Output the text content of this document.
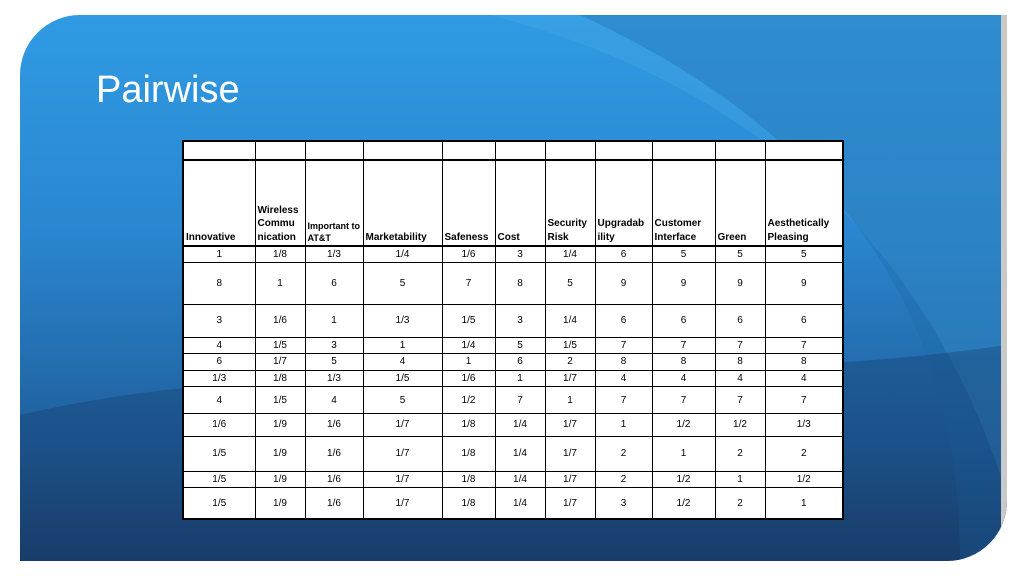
Pairwise

Innovative	Wireless Commu nication	Important to AT&T	Marketability	Safeness	Cost	Security Risk	Upgradab ility	Customer Interface	Green	Aesthetically Pleasing
1	1/8	1/3	1/4	1/6	3	1/4	6	5	5	5
8	1	6	5	7	8	5	9	9	9	9
3	1/6	1	1/3	1/5	3	1/4	6	6	6	6
4	1/5	3	1	1/4	5	1/5	7	7	7	7
6	1/7	5	4	1	6	2	8	8	8	8
1/3	1/8	1/3	1/5	1/6	1	1/7	4	4	4	4
4	1/5	4	5	1/2	7	1	7	7	7	7
1/6	1/9	1/6	1/7	1/8	1/4	1/7	1	1/2	1/2	1/3
1/5	1/9	1/6	1/7	1/8	1/4	1/7	2	1	2	2
1/5	1/9	1/6	1/7	1/8	1/4	1/7	2	1/2	1	1/2
1/5	1/9	1/6	1/7	1/8	1/4	1/7	3	1/2	2	1
